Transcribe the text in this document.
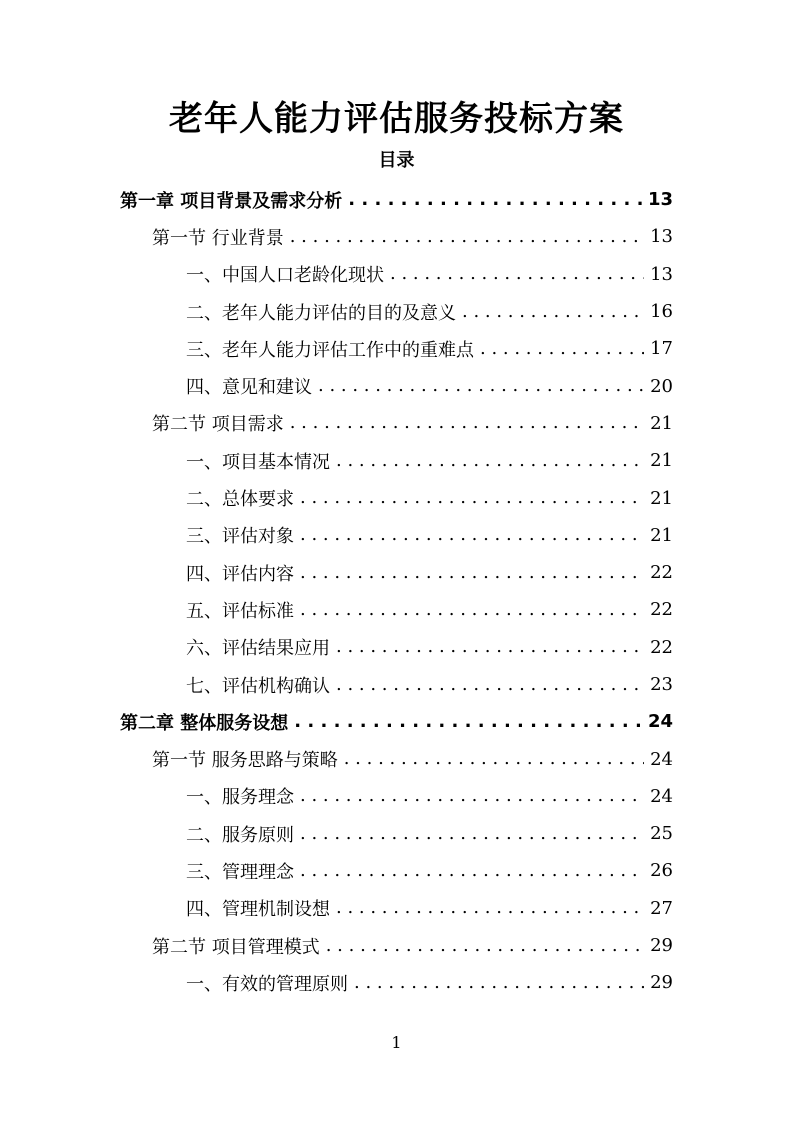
老年人能力评估服务投标方案
目录
第一章 项目背景及需求分析 . . .	13
第一节 行业背景 . . .	13
一、中国人口老龄化现状 . . .	13
二、老年人能力评估的目的及意义 . . .	16
三、老年人能力评估工作中的重难点 . . .	17
四、意见和建议 . . .	20
第二节 项目需求 . . .	21
一、项目基本情况 . . .	21
二、总体要求 . . .	21
三、评估对象 . . .	21
四、评估内容 . . .	22
五、评估标准 . . .	22
六、评估结果应用 . . .	22
七、评估机构确认 . . .	23
第二章 整体服务设想 . . .	24
第一节 服务思路与策略 . . .	24
一、服务理念 . . .	24
二、服务原则 . . .	25
三、管理理念 . . .	26
四、管理机制设想 . . .	27
第二节 项目管理模式 . . .	29
一、有效的管理原则 . . .	29
1
